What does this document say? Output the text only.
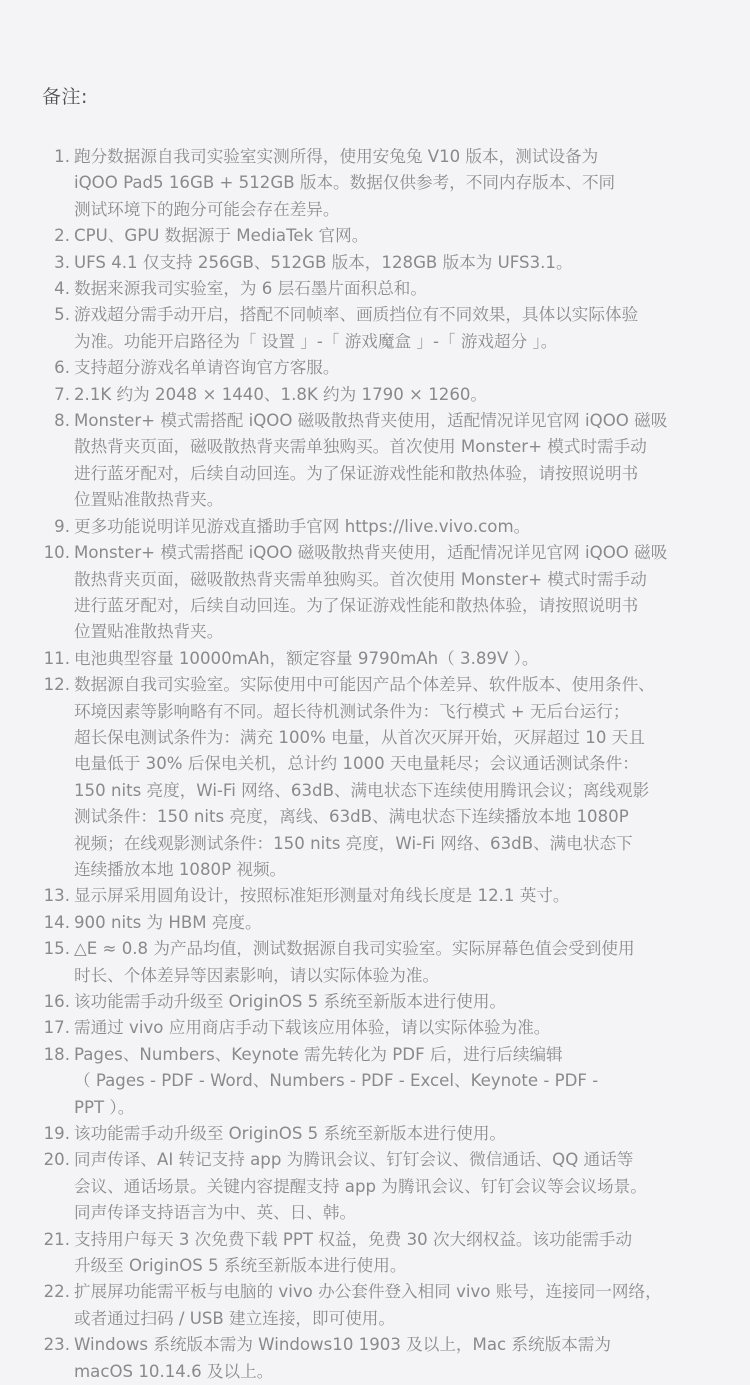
备注:
1. 跑分数据源自我司实验室实测所得，使用安兔兔 V10 版本，测试设备为
iQOO Pad5 16GB + 512GB 版本。数据仅供参考，不同内存版本、不同
测试环境下的跑分可能会存在差异。
2. CPU、GPU 数据源于 MediaTek 官网。
3. UFS 4.1 仅支持 256GB、512GB 版本，128GB 版本为 UFS3.1。
4. 数据来源我司实验室，为 6 层石墨片面积总和。
5. 游戏超分需手动开启，搭配不同帧率、画质挡位有不同效果，具体以实际体验
为准。功能开启路径为「 设置 」-「 游戏魔盒 」-「 游戏超分 」。
6. 支持超分游戏名单请咨询官方客服。
7. 2.1K 约为 2048 × 1440、1.8K 约为 1790 × 1260。
8. Monster+ 模式需搭配 iQOO 磁吸散热背夹使用，适配情况详见官网 iQOO 磁吸
散热背夹页面，磁吸散热背夹需单独购买。首次使用 Monster+ 模式时需手动
进行蓝牙配对，后续自动回连。为了保证游戏性能和散热体验，请按照说明书
位置贴准散热背夹。
9. 更多功能说明详见游戏直播助手官网 https://live.vivo.com。
10. Monster+ 模式需搭配 iQOO 磁吸散热背夹使用，适配情况详见官网 iQOO 磁吸
散热背夹页面，磁吸散热背夹需单独购买。首次使用 Monster+ 模式时需手动
进行蓝牙配对，后续自动回连。为了保证游戏性能和散热体验，请按照说明书
位置贴准散热背夹。
11. 电池典型容量 10000mAh，额定容量 9790mAh（ 3.89V ）。
12. 数据源自我司实验室。实际使用中可能因产品个体差异、软件版本、使用条件、
环境因素等影响略有不同。超长待机测试条件为：飞行模式 + 无后台运行；
超长保电测试条件为：满充 100% 电量，从首次灭屏开始，灭屏超过 10 天且
电量低于 30% 后保电关机，总计约 1000 天电量耗尽；会议通话测试条件：
150 nits 亮度，Wi-Fi 网络、63dB、满电状态下连续使用腾讯会议；离线观影
测试条件：150 nits 亮度，离线、63dB、满电状态下连续播放本地 1080P
视频；在线观影测试条件：150 nits 亮度，Wi-Fi 网络、63dB、满电状态下
连续播放本地 1080P 视频。
13. 显示屏采用圆角设计，按照标准矩形测量对角线长度是 12.1 英寸。
14. 900 nits 为 HBM 亮度。
15. △E ≈ 0.8 为产品均值，测试数据源自我司实验室。实际屏幕色值会受到使用
时长、个体差异等因素影响，请以实际体验为准。
16. 该功能需手动升级至 OriginOS 5 系统至新版本进行使用。
17. 需通过 vivo 应用商店手动下载该应用体验，请以实际体验为准。
18. Pages、Numbers、Keynote 需先转化为 PDF 后，进行后续编辑
（ Pages - PDF - Word、Numbers - PDF - Excel、Keynote - PDF -
PPT ）。
19. 该功能需手动升级至 OriginOS 5 系统至新版本进行使用。
20. 同声传译、AI 转记支持 app 为腾讯会议、钉钉会议、微信通话、QQ 通话等
会议、通话场景。关键内容提醒支持 app 为腾讯会议、钉钉会议等会议场景。
同声传译支持语言为中、英、日、韩。
21. 支持用户每天 3 次免费下载 PPT 权益，免费 30 次大纲权益。该功能需手动
升级至 OriginOS 5 系统至新版本进行使用。
22. 扩展屏功能需平板与电脑的 vivo 办公套件登入相同 vivo 账号，连接同一网络，
或者通过扫码 / USB 建立连接，即可使用。
23. Windows 系统版本需为 Windows10 1903 及以上，Mac 系统版本需为
macOS 10.14.6 及以上。
